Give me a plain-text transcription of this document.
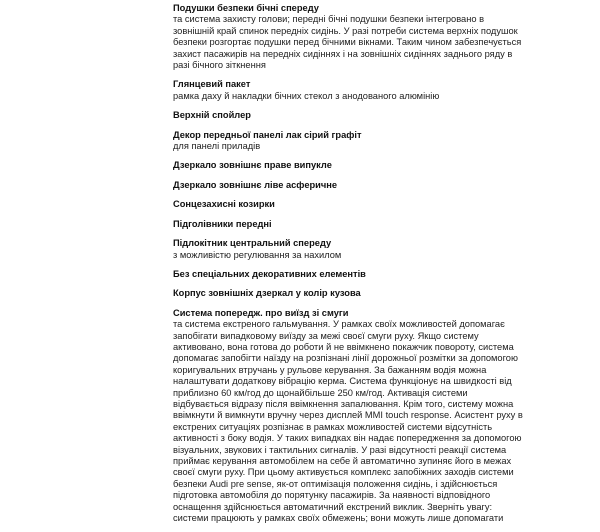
Подушки безпеки бічні спереду

та система захисту голови; передні бічні подушки безпеки інтегровано в зовнішній край спинок передніх сидінь. У разі потреби система верхніх подушок безпеки розгортає подушки перед бічними вікнами. Таким чином забезпечується захист пасажирів на передніх сидіннях і на зовнішніх сидіннях заднього ряду в разі бічного зіткнення

Глянцевий пакет

рамка даху й накладки бічних стекол з анодованого алюмінію

Верхній спойлер
Декор передньої панелі лак сірий графіт

для панелі приладів

Дзеркало зовнішнє праве випукле
Дзеркало зовнішнє ліве асферичне
Сонцезахисні козирки
Підголівники передні
Підлокітник центральний спереду

з можливістю регулювання за нахилом

Без спеціальних декоративних елементів
Корпус зовнішніх дзеркал у колір кузова
Система попередж. про виїзд зі смуги

та система екстреного гальмування. У рамках своїх можливостей допомагає запобігати випадковому виїзду за межі своєї смуги руху. Якщо систему активовано, вона готова до роботи й не ввімкнено покажчик повороту, система допомагає запобігти наїзду на розпізнані лінії дорожньої розмітки за допомогою коригувальних втручань у рульове керування. За бажанням водія можна налаштувати додаткову вібрацію керма. Система функціонує на швидкості від приблизно 60 км/год до щонайбільше 250 км/год. Активація системи відбувається відразу після ввімкнення запалювання. Крім того, систему можна ввімкнути й вимкнути вручну через дисплей MMI touch response. Асистент руху в екстрених ситуаціях розпізнає в рамках можливостей системи відсутність активності з боку водія. У таких випадках він надає попередження за допомогою візуальних, звукових і тактильних сигналів. У разі відсутності реакції система приймає керування автомобілем на себе й автоматично зупиняє його в межах своєї смуги руху. При цьому активується комплекс запобіжних заходів системи безпеки Audi pre sense, як-от оптимізація положення сидінь, і здійснюється підготовка автомобіля до порятунку пасажирів. За наявності відповідного оснащення здійснюється автоматичний екстрений виклик. Зверніть увагу: системи працюють у рамках своїх обмежень; вони можуть лише допомагати
